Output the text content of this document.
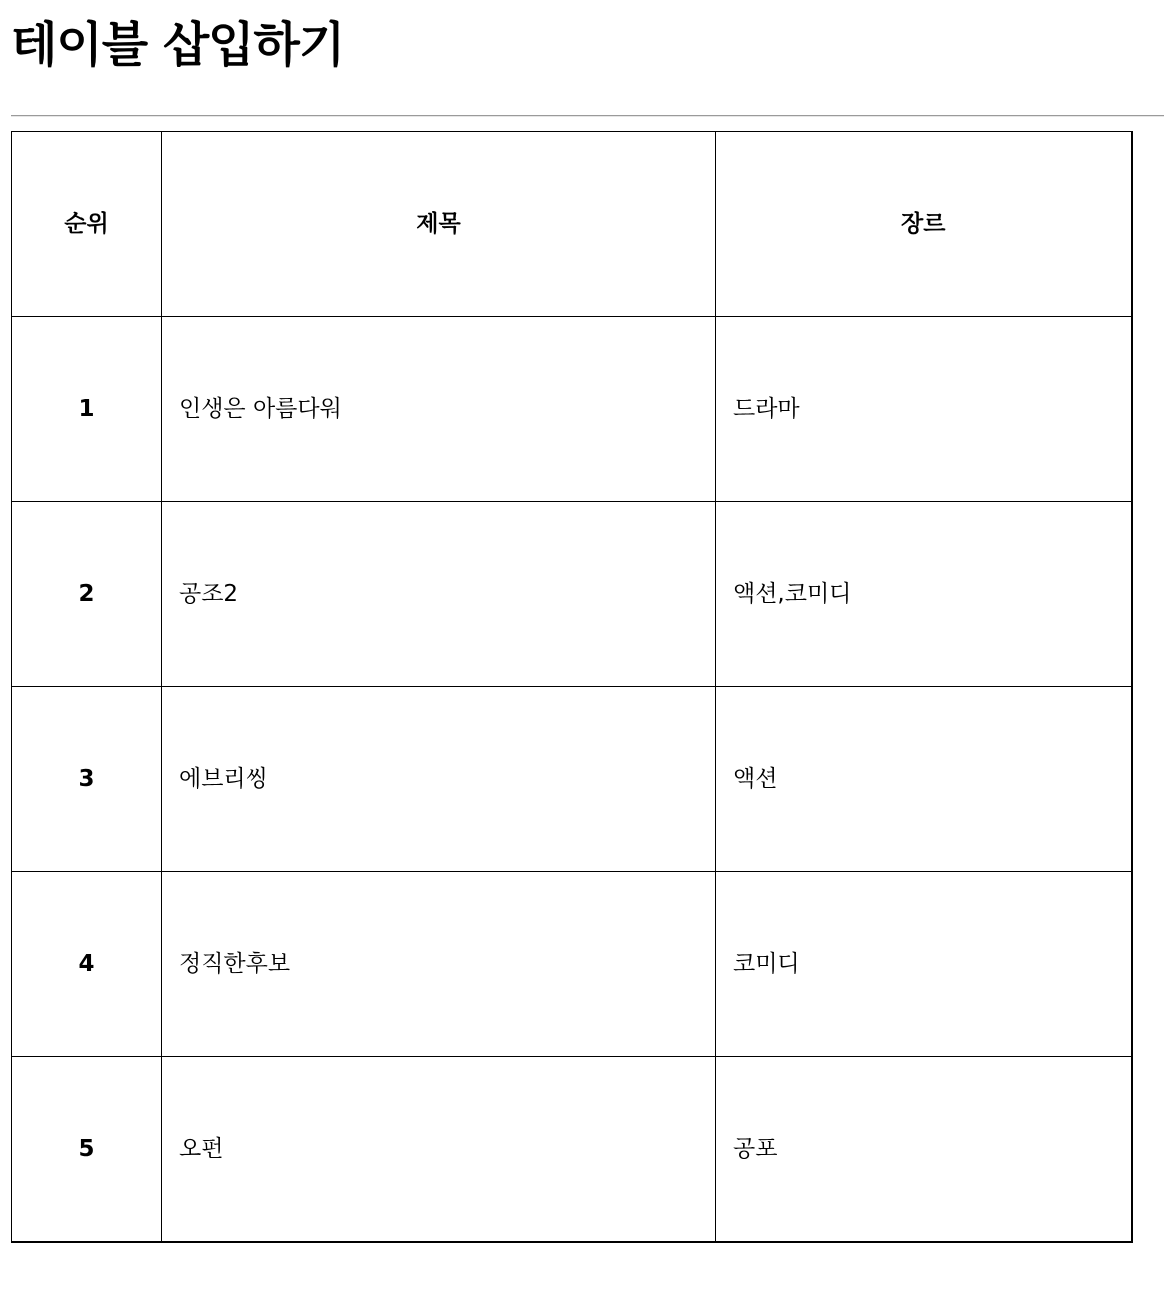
테이블 삽입하기
순위	제목	장르
1	인생은 아름다워	드라마
2	공조2	액션,코미디
3	에브리씽	액션
4	정직한후보	코미디
5	오펀	공포
